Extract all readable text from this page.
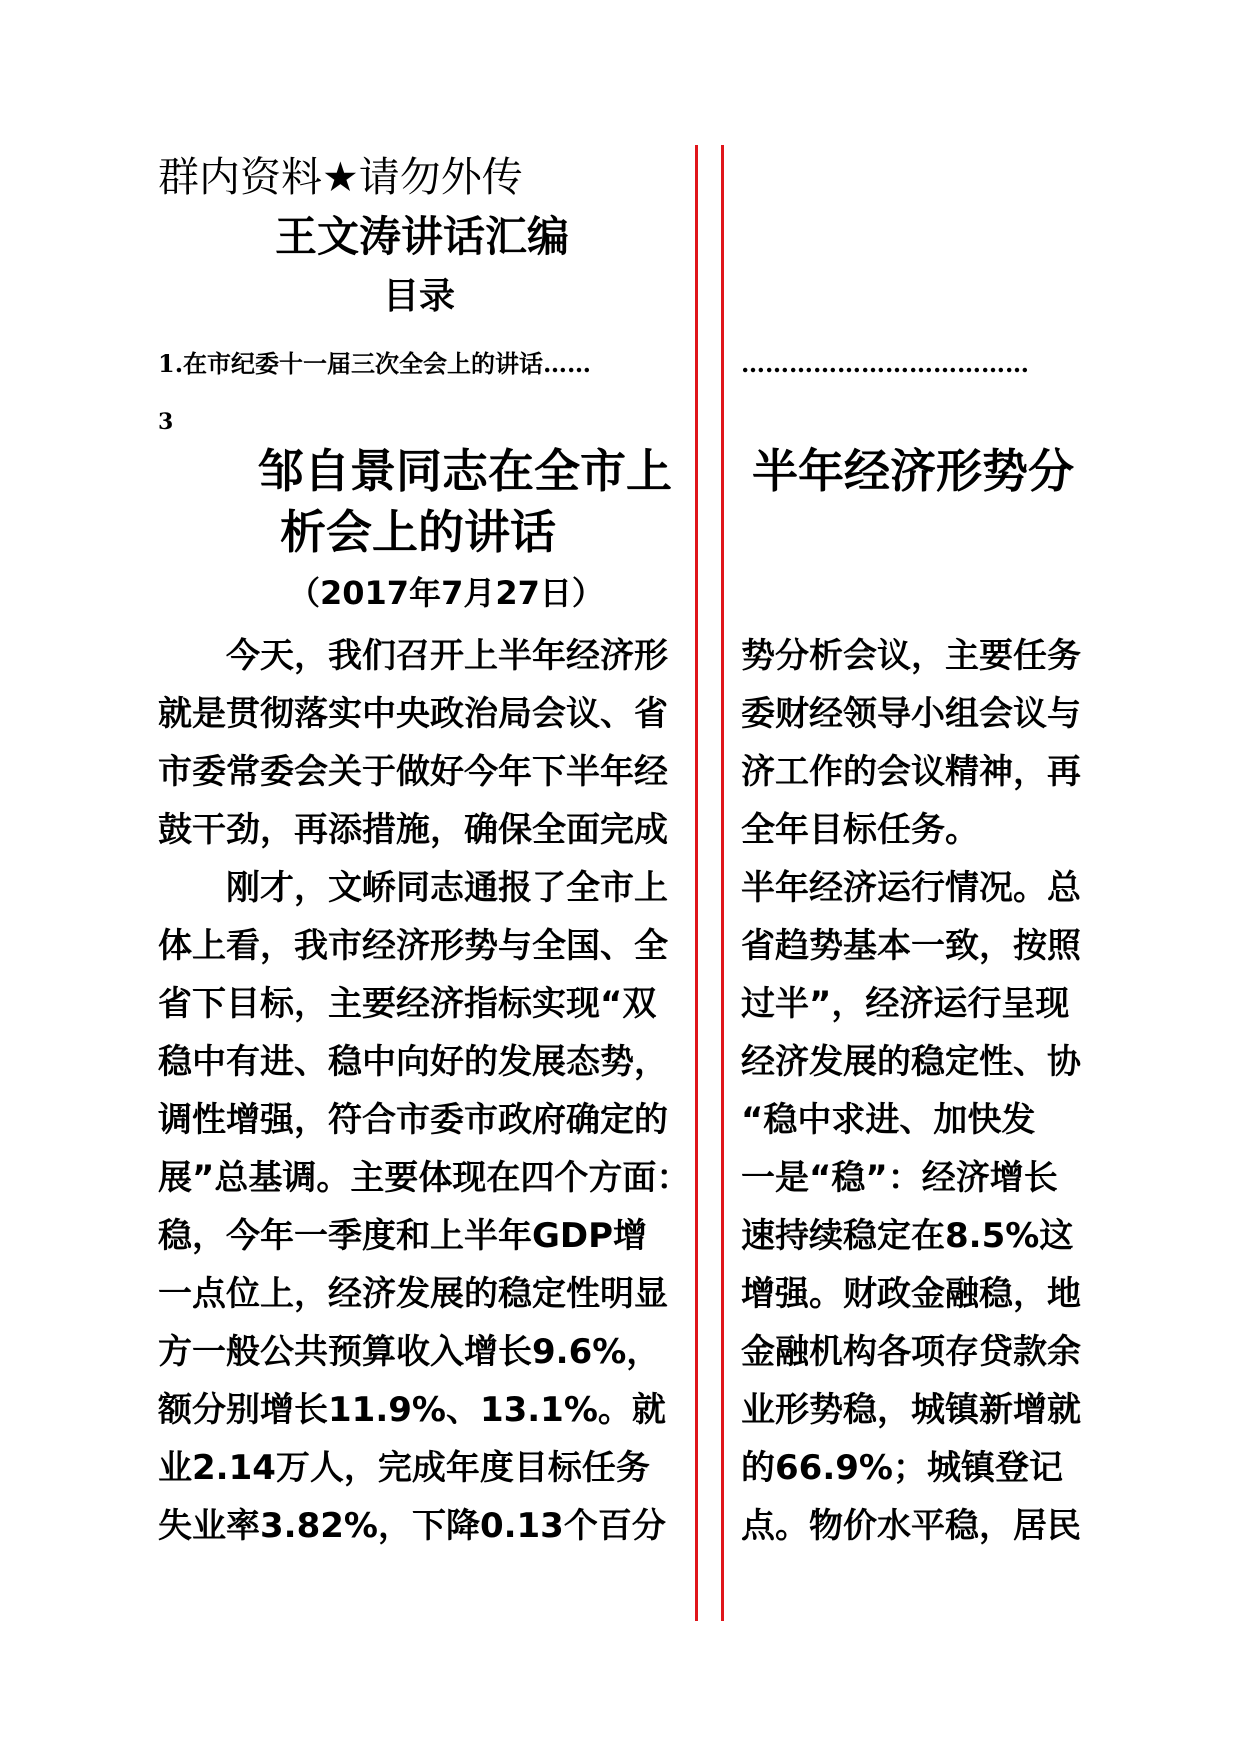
群内资料★请勿外传
王文涛讲话汇编
目录
1.在市纪委十一届三次全会上的讲话……	………………………………
3
邹自景同志在全市上
析会上的讲话
半年经济形势分
（2017年7月27日）
　　今天，我们召开上半年经济形
就是贯彻落实中央政治局会议、省
市委常委会关于做好今年下半年经
鼓干劲，再添措施，确保全面完成
　　刚才，文峤同志通报了全市上
体上看，我市经济形势与全国、全
省下目标，主要经济指标实现“双
稳中有进、稳中向好的发展态势，
调性增强，符合市委市政府确定的
展”总基调。主要体现在四个方面：
稳，今年一季度和上半年GDP增
一点位上，经济发展的稳定性明显
方一般公共预算收入增长9.6%，
额分别增长11.9%、13.1%。就
业2.14万人，完成年度目标任务
失业率3.82%，下降0.13个百分
势分析会议，主要任务
委财经领导小组会议与
济工作的会议精神，再
全年目标任务。
半年经济运行情况。总
省趋势基本一致，按照
过半”，经济运行呈现
经济发展的稳定性、协
“稳中求进、加快发
一是“稳”：经济增长
速持续稳定在8.5%这
增强。财政金融稳，地
金融机构各项存贷款余
业形势稳，城镇新增就
的66.9%；城镇登记
点。物价水平稳，居民
